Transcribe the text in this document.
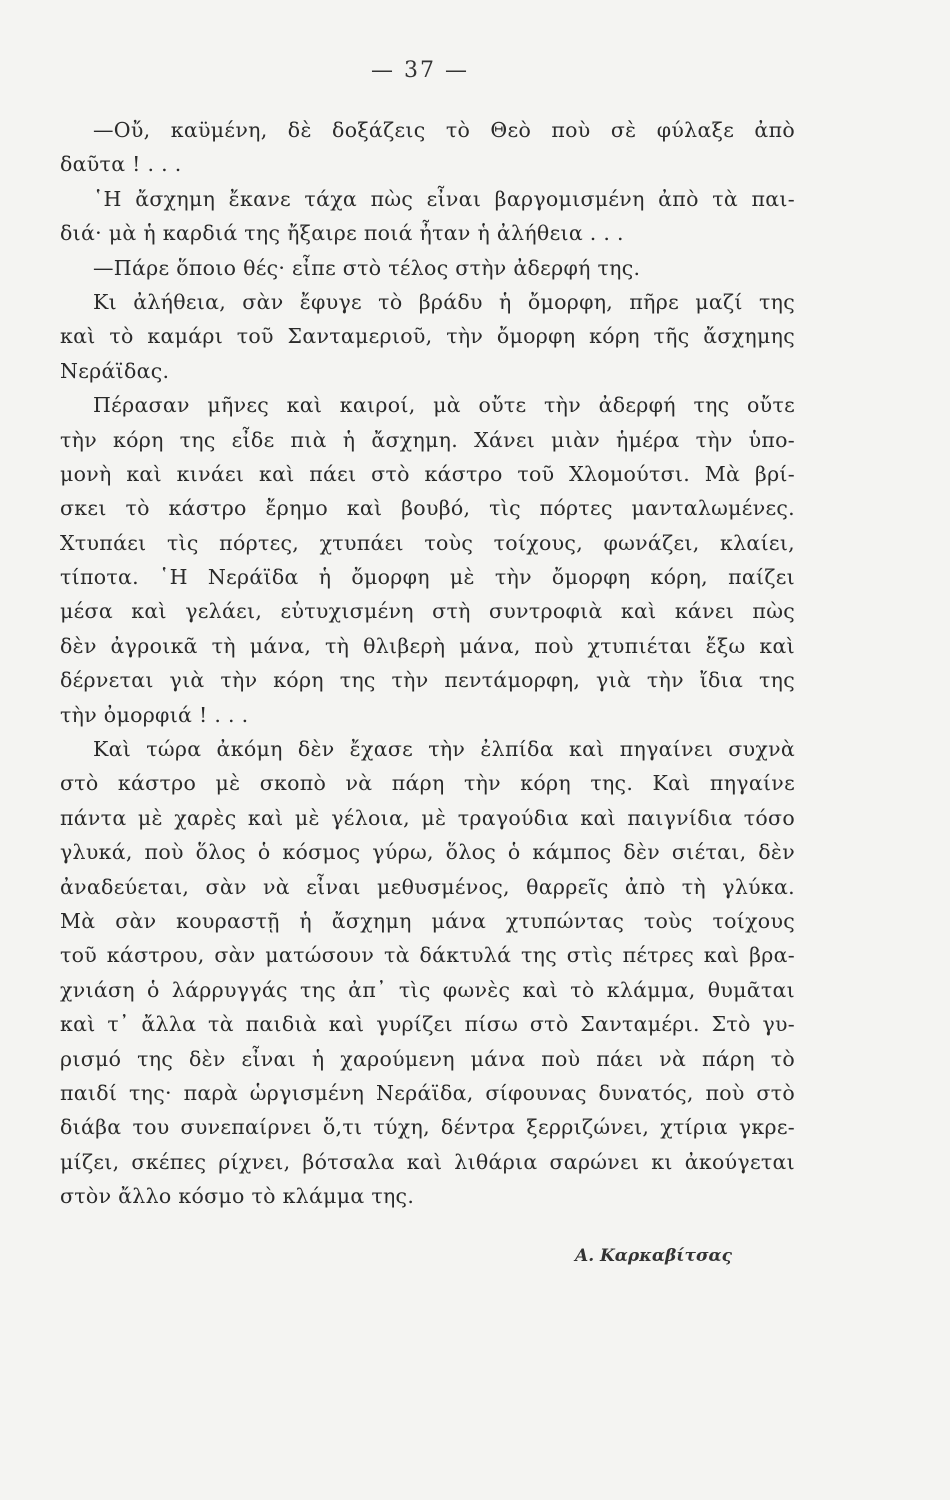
— 37 —
—Οὔ, καϋμένη, δὲ δοξάζεις τὸ Θεὸ ποὺ σὲ φύλαξε ἀπὸ
δαῦτα ! . . .
῾Η ἄσχημη ἔκανε τάχα πὼς εἶναι βαργομισμένη ἀπὸ τὰ παι-
διά· μὰ ἡ καρδιά της ἤξαιρε ποιά ἦταν ἡ ἀλήθεια . . .
—Πάρε ὅποιο θές· εἶπε στὸ τέλος στὴν ἀδερφή της.
Κι ἀλήθεια, σὰν ἔφυγε τὸ βράδυ ἡ ὄμορφη, πῆρε μαζί της
καὶ τὸ καμάρι τοῦ Σανταμεριοῦ, τὴν ὄμορφη κόρη τῆς ἄσχημης
Νεράϊδας.
Πέρασαν μῆνες καὶ καιροί, μὰ οὔτε τὴν ἀδερφή της οὔτε
τὴν κόρη της εἶδε πιὰ ἡ ἄσχημη. Χάνει μιὰν ἡμέρα τὴν ὑπο-
μονὴ καὶ κινάει καὶ πάει στὸ κάστρο τοῦ Χλομούτσι. Μὰ βρί-
σκει τὸ κάστρο ἔρημο καὶ βουβό, τὶς πόρτες μανταλωμένες.
Χτυπάει τὶς πόρτες, χτυπάει τοὺς τοίχους, φωνάζει, κλαίει,
τίποτα. ῾Η Νεράϊδα ἡ ὄμορφη μὲ τὴν ὄμορφη κόρη, παίζει
μέσα καὶ γελάει, εὐτυχισμένη στὴ συντροφιὰ καὶ κάνει πὼς
δὲν ἀγροικᾶ τὴ μάνα, τὴ θλιβερὴ μάνα, ποὺ χτυπιέται ἔξω καὶ
δέρνεται γιὰ τὴν κόρη της τὴν πεντάμορφη, γιὰ τὴν ἴδια της
τὴν ὀμορφιά ! . . .
Καὶ τώρα ἀκόμη δὲν ἔχασε τὴν ἐλπίδα καὶ πηγαίνει συχνὰ
στὸ κάστρο μὲ σκοπὸ νὰ πάρη τὴν κόρη της. Καὶ πηγαίνε
πάντα μὲ χαρὲς καὶ μὲ γέλοια, μὲ τραγούδια καὶ παιγνίδια τόσο
γλυκά, ποὺ ὅλος ὁ κόσμος γύρω, ὅλος ὁ κάμπος δὲν σιέται, δὲν
ἀναδεύεται, σὰν νὰ εἶναι μεθυσμένος, θαρρεῖς ἀπὸ τὴ γλύκα.
Μὰ σὰν κουραστῇ ἡ ἄσχημη μάνα χτυπώντας τοὺς τοίχους
τοῦ κάστρου, σὰν ματώσουν τὰ δάκτυλά της στὶς πέτρες καὶ βρα-
χνιάση ὁ λάρρυγγάς της ἀπ᾽ τὶς φωνὲς καὶ τὸ κλάμμα, θυμᾶται
καὶ τ᾽ ἄλλα τὰ παιδιὰ καὶ γυρίζει πίσω στὸ Σανταμέρι. Στὸ γυ-
ρισμό της δὲν εἶναι ἡ χαρούμενη μάνα ποὺ πάει νὰ πάρη τὸ
παιδί της· παρὰ ὡργισμένη Νεράϊδα, σίφουνας δυνατός, ποὺ στὸ
διάβα του συνεπαίρνει ὅ,τι τύχη, δέντρα ξερριζώνει, χτίρια γκρε-
μίζει, σκέπες ρίχνει, βότσαλα καὶ λιθάρια σαρώνει κι ἀκούγεται
στὸν ἄλλο κόσμο τὸ κλάμμα της.
Α. Καρκαβίτσας
